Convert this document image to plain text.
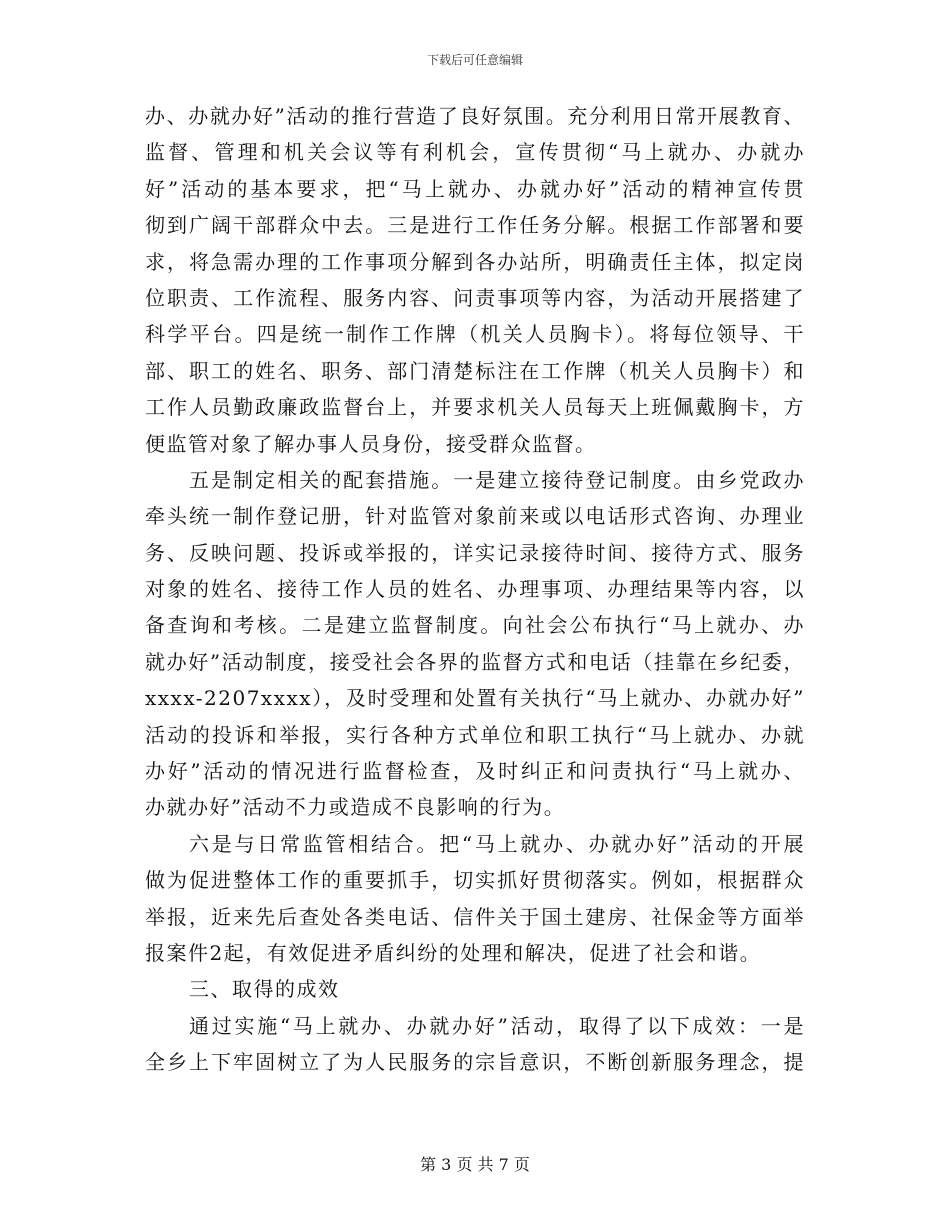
下载后可任意编辑
办、办就办好”活动的推行营造了良好氛围。充分利用日常开展教育、
监督、管理和机关会议等有利机会，宣传贯彻“马上就办、办就办
好”活动的基本要求，把“马上就办、办就办好”活动的精神宣传贯
彻到广阔干部群众中去。三是进行工作任务分解。根据工作部署和要
求，将急需办理的工作事项分解到各办站所，明确责任主体，拟定岗
位职责、工作流程、服务内容、问责事项等内容，为活动开展搭建了
科学平台。四是统一制作工作牌（机关人员胸卡）。将每位领导、干
部、职工的姓名、职务、部门清楚标注在工作牌（机关人员胸卡）和
工作人员勤政廉政监督台上，并要求机关人员每天上班佩戴胸卡，方
便监管对象了解办事人员身份，接受群众监督。
五是制定相关的配套措施。一是建立接待登记制度。由乡党政办
牵头统一制作登记册，针对监管对象前来或以电话形式咨询、办理业
务、反映问题、投诉或举报的，详实记录接待时间、接待方式、服务
对象的姓名、接待工作人员的姓名、办理事项、办理结果等内容，以
备查询和考核。二是建立监督制度。向社会公布执行“马上就办、办
就办好”活动制度，接受社会各界的监督方式和电话（挂靠在乡纪委，
xxxx-2207xxxx），及时受理和处置有关执行“马上就办、办就办好”
活动的投诉和举报，实行各种方式单位和职工执行“马上就办、办就
办好”活动的情况进行监督检查，及时纠正和问责执行“马上就办、
办就办好”活动不力或造成不良影响的行为。
六是与日常监管相结合。把“马上就办、办就办好”活动的开展
做为促进整体工作的重要抓手，切实抓好贯彻落实。例如，根据群众
举报，近来先后查处各类电话、信件关于国土建房、社保金等方面举
报案件2起，有效促进矛盾纠纷的处理和解决，促进了社会和谐。
三、取得的成效
通过实施“马上就办、办就办好”活动，取得了以下成效：一是
全乡上下牢固树立了为人民服务的宗旨意识，不断创新服务理念，提
第 3 页 共 7 页
